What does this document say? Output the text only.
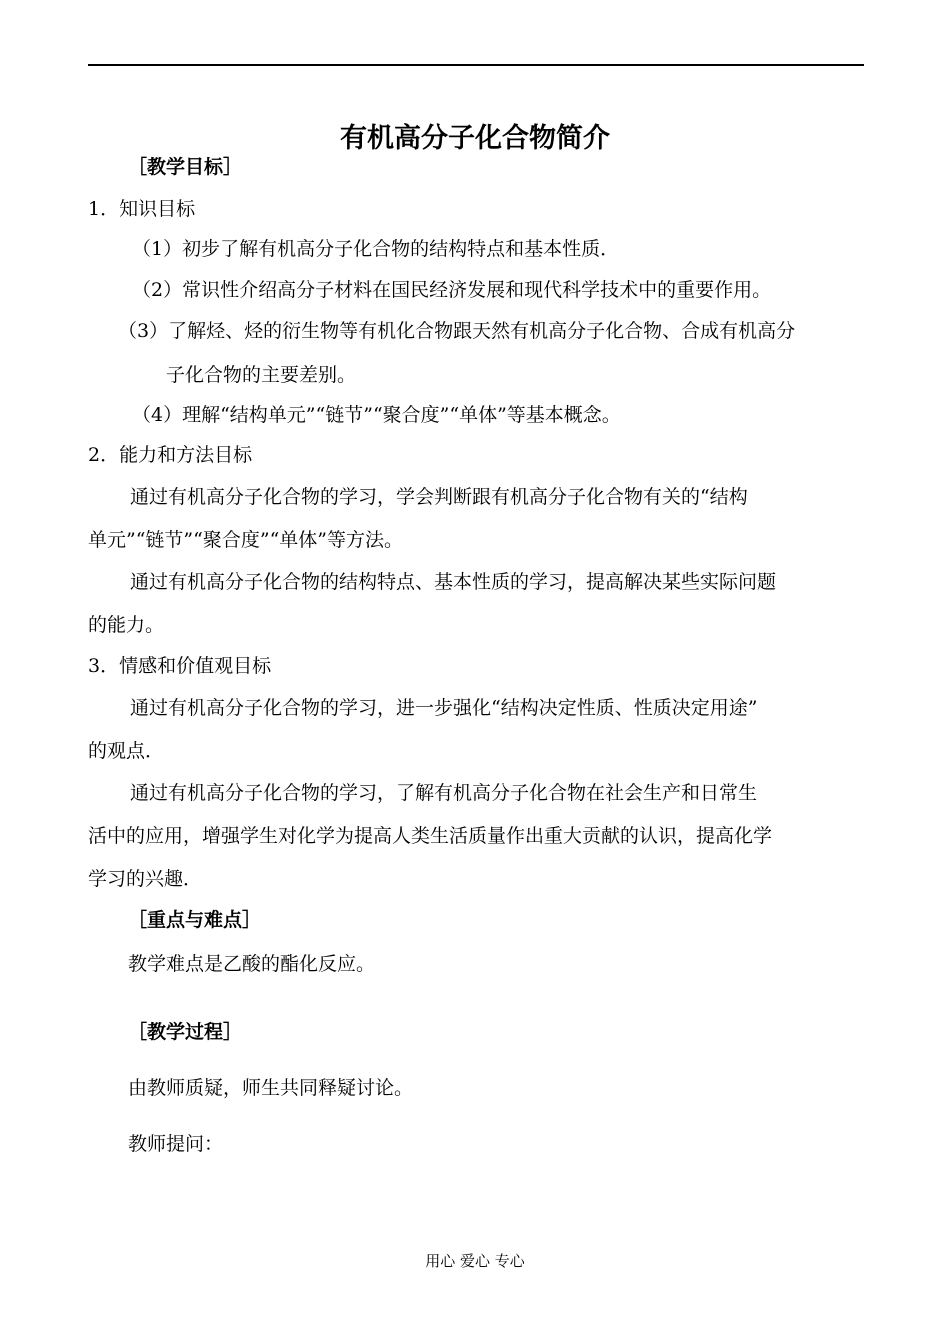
有机高分子化合物简介
［教学目标］
1．知识目标
（1）初步了解有机高分子化合物的结构特点和基本性质．
（2）常识性介绍高分子材料在国民经济发展和现代科学技术中的重要作用。
（3）了解烃、烃的衍生物等有机化合物跟天然有机高分子化合物、合成有机高分
子化合物的主要差别。
（4）理解“结构单元”“链节”“聚合度”“单体”等基本概念。
2．能力和方法目标
通过有机高分子化合物的学习，学会判断跟有机高分子化合物有关的“结构
单元”“链节”“聚合度”“单体”等方法。
通过有机高分子化合物的结构特点、基本性质的学习，提高解决某些实际问题
的能力。
3．情感和价值观目标
通过有机高分子化合物的学习，进一步强化“结构决定性质、性质决定用途”
的观点．
通过有机高分子化合物的学习，了解有机高分子化合物在社会生产和日常生
活中的应用，增强学生对化学为提高人类生活质量作出重大贡献的认识，提高化学
学习的兴趣．
［重点与难点］
教学难点是乙酸的酯化反应。
［教学过程］
由教师质疑，师生共同释疑讨论。
教师提问：
用心 爱心 专心
